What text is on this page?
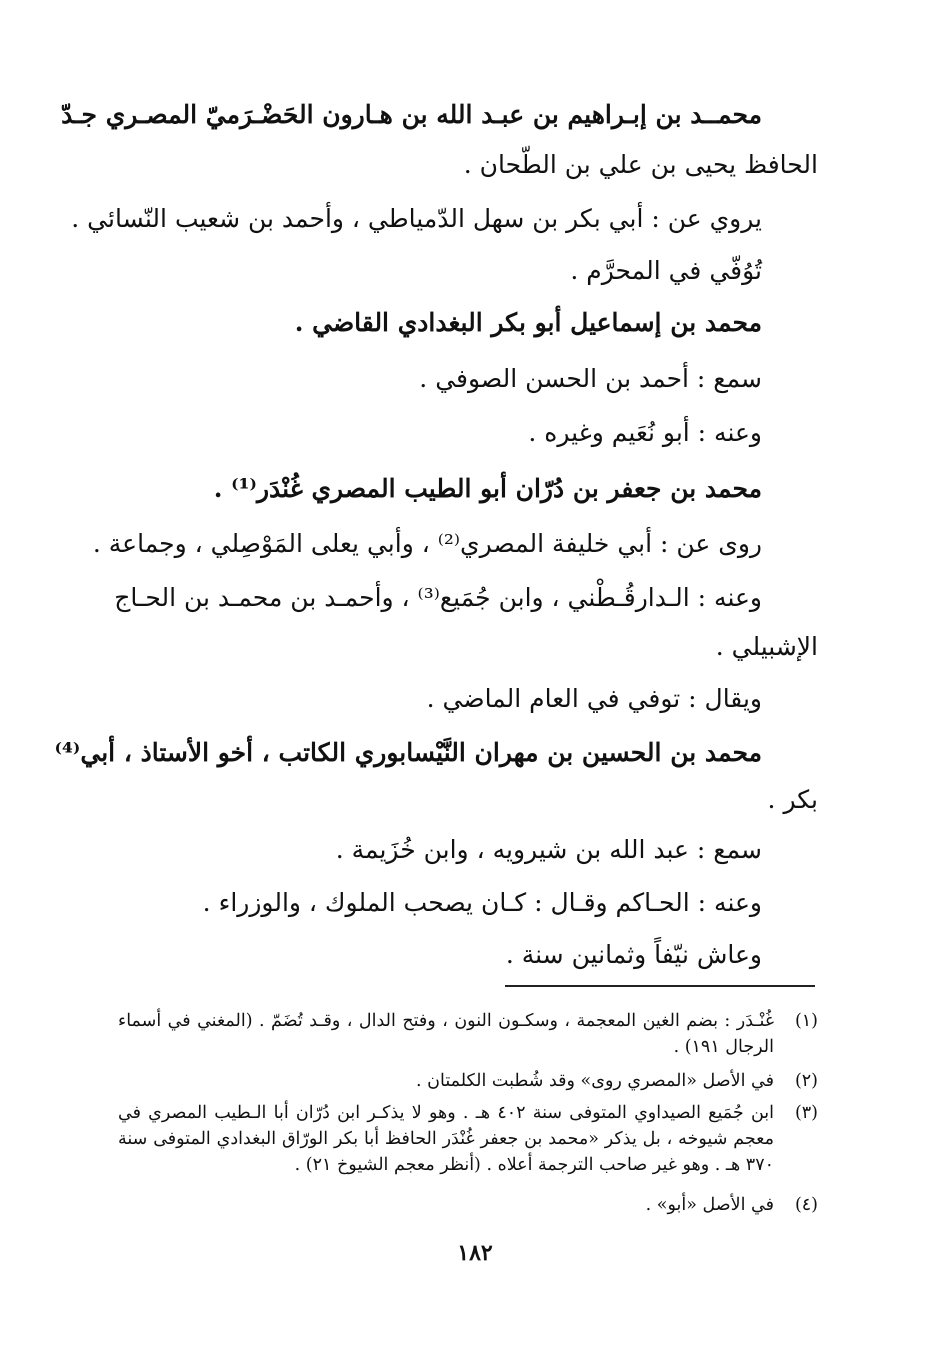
محمــد بن إبـراهيم بن عبـد الله بن هـارون الحَضْـرَميّ المصـري جـدّ

الحافظ يحيى بن علي بن الطّحان .

يروي عن : أبي بكر بن سهل الدّمياطي ، وأحمد بن شعيب النّسائي .

تُوُفّي في المحرَّم .

محمد بن إسماعيل أبو بكر البغدادي القاضي .

سمع : أحمد بن الحسن الصوفي .

وعنه : أبو نُعَيم وغيره .

محمد بن جعفر بن دُرّان أبو الطيب المصري غُنْدَر⁽¹⁾ .

روى عن : أبي خليفة المصري⁽²⁾ ، وأبي يعلى المَوْصِلي ، وجماعة .

وعنه : الـدارقُـطْني ، وابن جُمَيع⁽³⁾ ، وأحمـد بن محمـد بن الحـاج

الإشبيلي .

ويقال : توفي في العام الماضي .

محمد بن الحسين بن مهران النَّيْسابوري الكاتب ، أخو الأستاذ ، أبي⁽⁴⁾

بكر .

سمع : عبد الله بن شيرويه ، وابن خُزَيمة .

وعنه : الحـاكم وقـال : كـان يصحب الملوك ، والوزراء .

وعاش نيّفاً وثمانين سنة .

(١)
غُنْـدَر : بضم الغين المعجمة ، وسكـون النون ، وفتح الدال ، وقـد تُضَمّ . (المغني في أسماء
الرجال ١٩١) .
(٢)
في الأصل «المصري روى» وقد شُطبت الكلمتان .
(٣)
ابن جُمَيع الصيداوي المتوفى سنة ٤٠٢ هـ . وهو لا يذكـر ابن دُرّان أبا الـطيب المصري في
معجم شيوخه ، بل يذكر «محمد بن جعفر غُنْدَر الحافظ أبا بكر الورّاق البغدادي المتوفى سنة
٣٧٠ هـ . وهو غير صاحب الترجمة أعلاه . (أنظر معجم الشيوخ ٢١) .
(٤)
في الأصل «أبو» .
١٨٢
